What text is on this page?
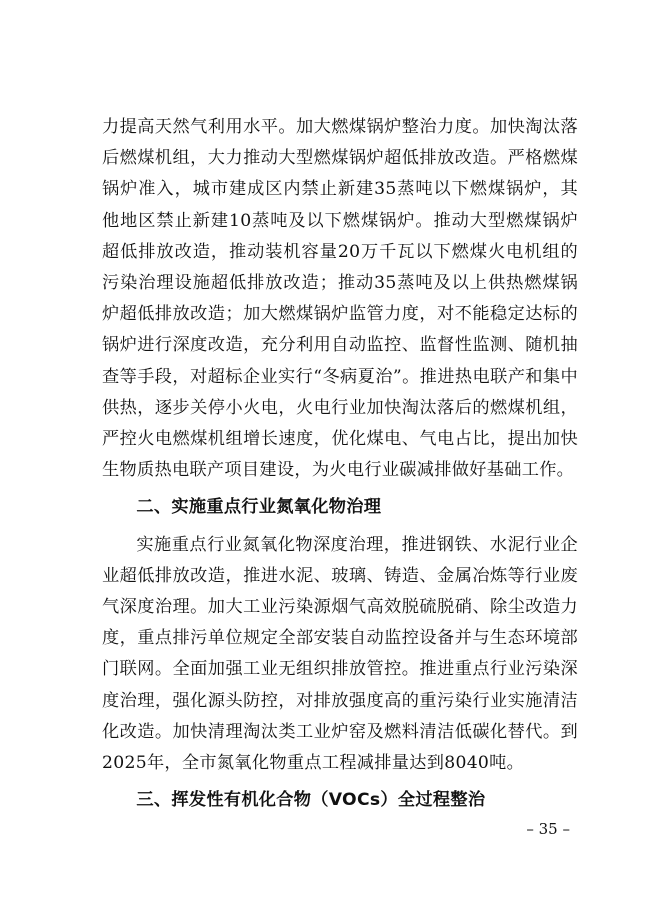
力提高天然气利用水平。加大燃煤锅炉整治力度。加快淘汰落后燃煤机组，大力推动大型燃煤锅炉超低排放改造。严格燃煤锅炉准入，城市建成区内禁止新建35蒸吨以下燃煤锅炉，其他地区禁止新建10蒸吨及以下燃煤锅炉。推动大型燃煤锅炉超低排放改造，推动装机容量20万千瓦以下燃煤火电机组的污染治理设施超低排放改造；推动35蒸吨及以上供热燃煤锅炉超低排放改造；加大燃煤锅炉监管力度，对不能稳定达标的锅炉进行深度改造，充分利用自动监控、监督性监测、随机抽查等手段，对超标企业实行“冬病夏治”。推进热电联产和集中供热，逐步关停小火电，火电行业加快淘汰落后的燃煤机组，严控火电燃煤机组增长速度，优化煤电、气电占比，提出加快生物质热电联产项目建设，为火电行业碳减排做好基础工作。

二、实施重点行业氮氧化物治理

实施重点行业氮氧化物深度治理，推进钢铁、水泥行业企业超低排放改造，推进水泥、玻璃、铸造、金属冶炼等行业废气深度治理。加大工业污染源烟气高效脱硫脱硝、除尘改造力度，重点排污单位规定全部安装自动监控设备并与生态环境部门联网。全面加强工业无组织排放管控。推进重点行业污染深度治理，强化源头防控，对排放强度高的重污染行业实施清洁化改造。加快清理淘汰类工业炉窑及燃料清洁低碳化替代。到2025年，全市氮氧化物重点工程减排量达到8040吨。

三、挥发性有机化合物（VOCs）全过程整治
– 35 –
